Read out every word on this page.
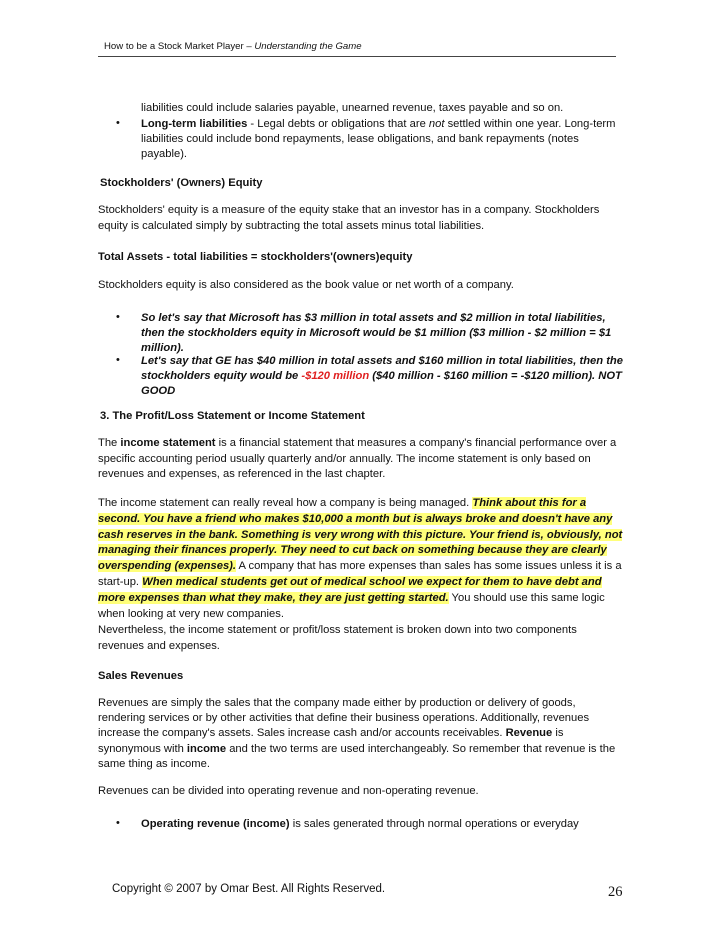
How to be a Stock Market Player – Understanding the Game
liabilities could include salaries payable, unearned revenue, taxes payable and so on.
• Long-term liabilities - Legal debts or obligations that are not settled within one year. Long-term liabilities could include bond repayments, lease obligations, and bank repayments (notes payable).
Stockholders' (Owners) Equity
Stockholders' equity is a measure of the equity stake that an investor has in a company. Stockholders equity is calculated simply by subtracting the total assets minus total liabilities.
Total Assets - total liabilities = stockholders'(owners)equity
Stockholders equity is also considered as the book value or net worth of a company.
• So let's say that Microsoft has $3 million in total assets and $2 million in total liabilities, then the stockholders equity in Microsoft would be $1 million ($3 million - $2 million = $1 million).
• Let's say that GE has $40 million in total assets and $160 million in total liabilities, then the stockholders equity would be -$120 million ($40 million - $160 million = -$120 million). NOT GOOD
3. The Profit/Loss Statement or Income Statement
The income statement is a financial statement that measures a company's financial performance over a specific accounting period usually quarterly and/or annually. The income statement is only based on revenues and expenses, as referenced in the last chapter.
The income statement can really reveal how a company is being managed. Think about this for a second. You have a friend who makes $10,000 a month but is always broke and doesn't have any cash reserves in the bank. Something is very wrong with this picture. Your friend is, obviously, not managing their finances properly. They need to cut back on something because they are clearly overspending (expenses). A company that has more expenses than sales has some issues unless it is a start-up. When medical students get out of medical school we expect for them to have debt and more expenses than what they make, they are just getting started. You should use this same logic when looking at very new companies.
Nevertheless, the income statement or profit/loss statement is broken down into two components revenues and expenses.
Sales Revenues
Revenues are simply the sales that the company made either by production or delivery of goods, rendering services or by other activities that define their business operations. Additionally, revenues increase the company's assets. Sales increase cash and/or accounts receivables. Revenue is synonymous with income and the two terms are used interchangeably. So remember that revenue is the same thing as income.
Revenues can be divided into operating revenue and non-operating revenue.
• Operating revenue (income) is sales generated through normal operations or everyday
Copyright © 2007 by Omar Best. All Rights Reserved.	26
